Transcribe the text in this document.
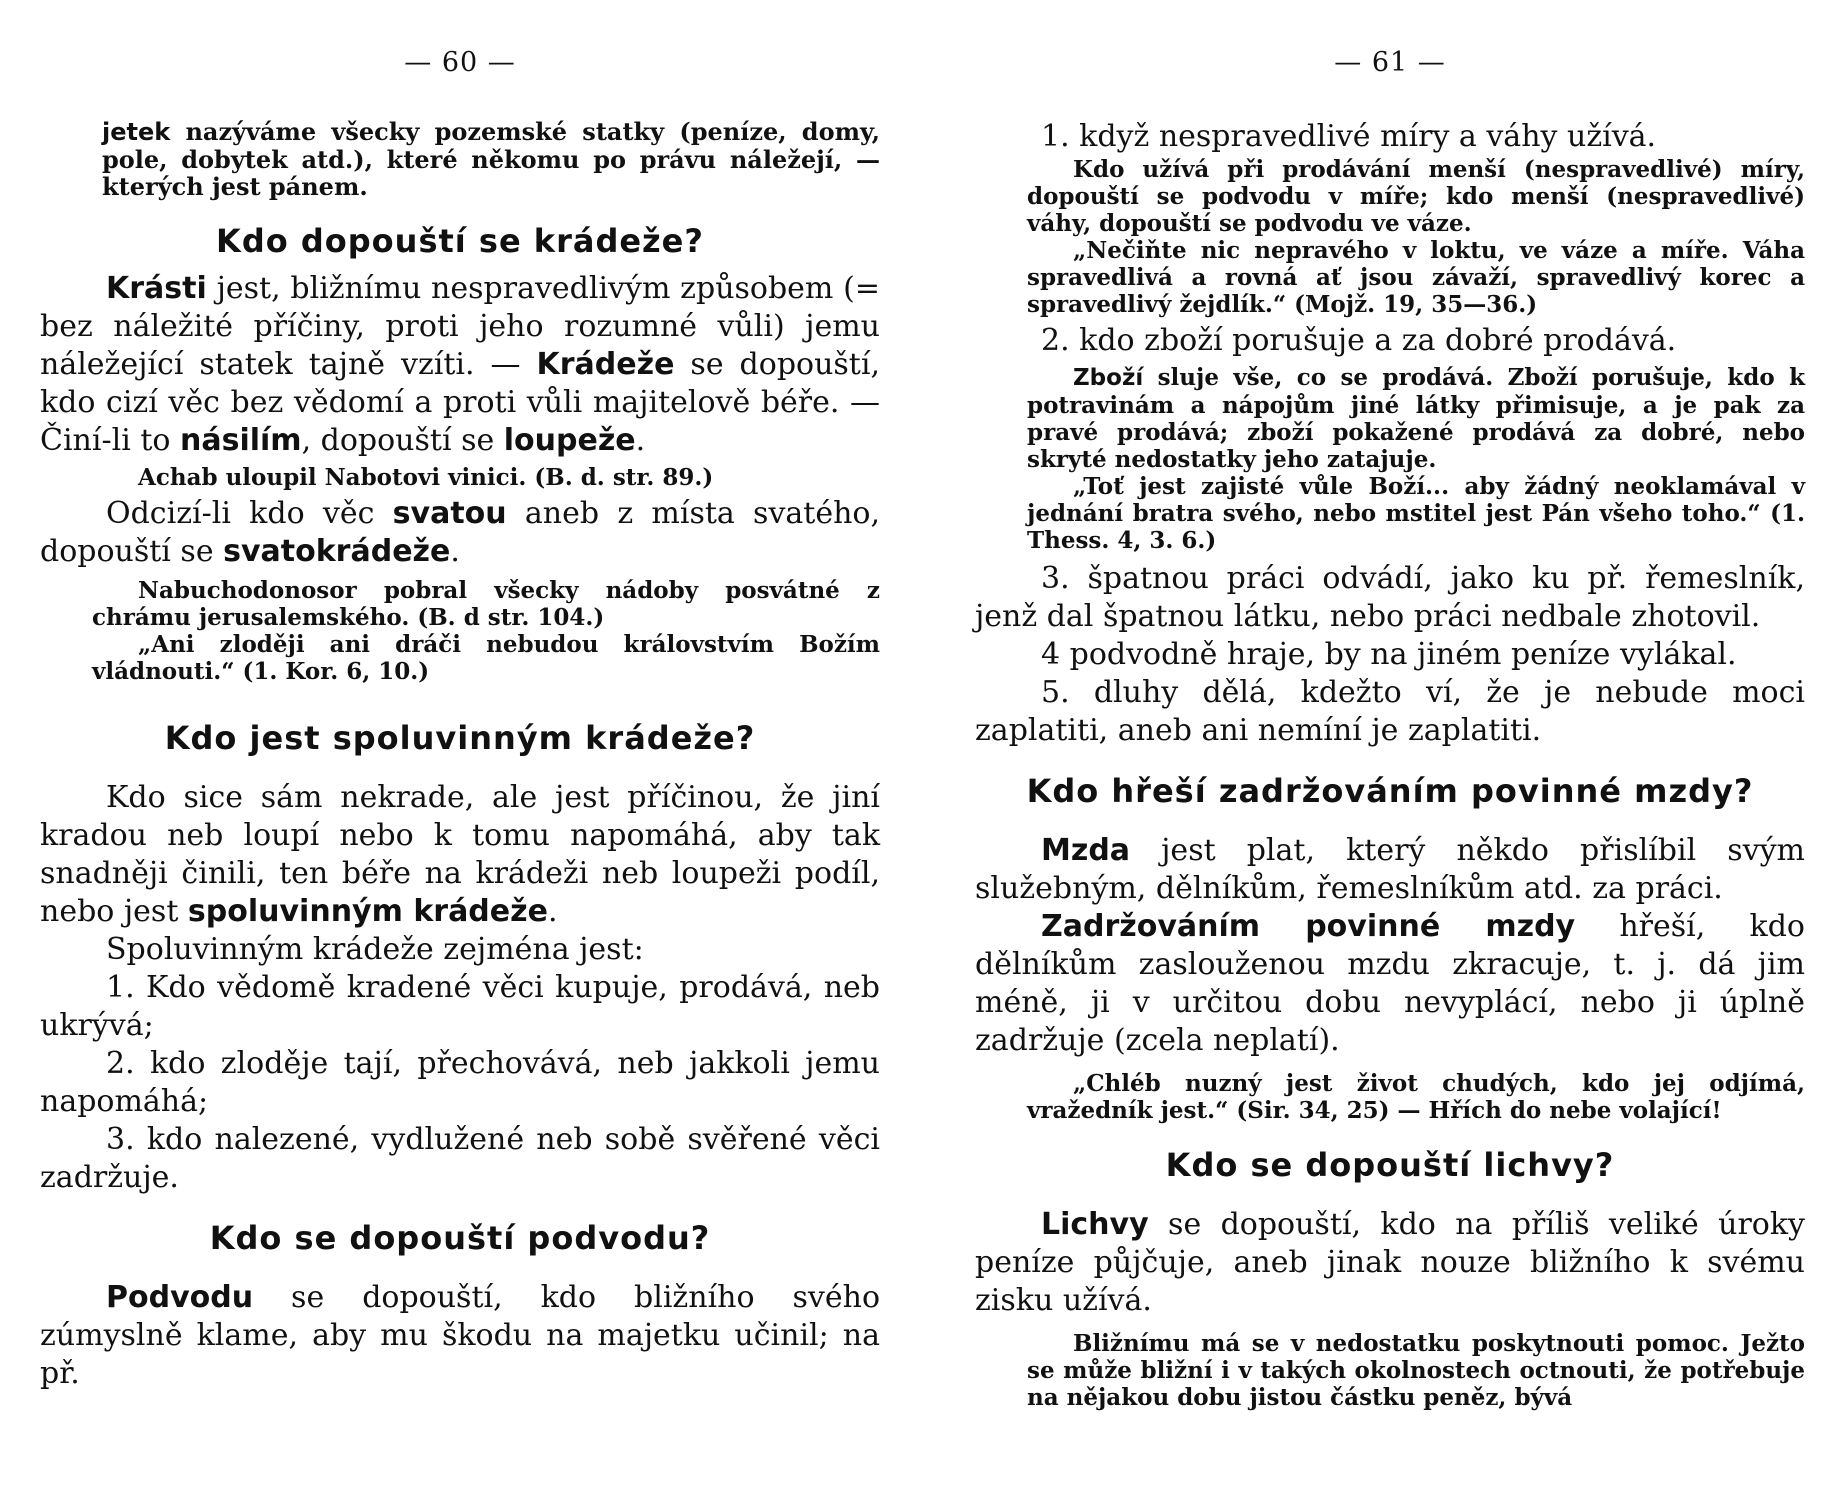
— 60 —

jetek nazýváme všecky pozemské statky (peníze, domy, pole, dobytek atd.), které někomu po právu náležejí, — kterých jest pánem.

Kdo dopouští se krádeže?

Krásti jest, bližnímu nespravedlivým způsobem (= bez náležité příčiny, proti jeho rozumné vůli) jemu náležející statek tajně vzíti. — Krádeže se dopouští, kdo cizí věc bez vědomí a proti vůli majitelově béře. — Činí-li to násilím, dopouští se loupeže.

Achab uloupil Nabotovi vinici. (B. d. str. 89.)

Odcizí-li kdo věc svatou aneb z místa svatého, dopouští se svatokrádeže.

Nabuchodonosor pobral všecky nádoby posvátné z chrámu jerusalemského. (B. d str. 104.)

„Ani zloději ani dráči nebudou královstvím Božím vládnouti.“ (1. Kor. 6, 10.)

Kdo jest spoluvinným krádeže?

Kdo sice sám nekrade, ale jest příčinou, že jiní kradou neb loupí nebo k tomu napomáhá, aby tak snadněji činili, ten béře na krádeži neb loupeži podíl, nebo jest spoluvinným krádeže.

Spoluvinným krádeže zejména jest:

1. Kdo vědomě kradené věci kupuje, prodává, neb ukrývá;

2. kdo zloděje tají, přechovává, neb jakkoli jemu napomáhá;

3. kdo nalezené, vydlužené neb sobě svěřené věci zadržuje.

Kdo se dopouští podvodu?

Podvodu se dopouští, kdo bližního svého zúmyslně klame, aby mu škodu na majetku učinil; na př.

— 61 —

1. když nespravedlivé míry a váhy užívá.

Kdo užívá při prodávání menší (nespravedlivé) míry, dopouští se podvodu v míře; kdo menší (nespravedlivé) váhy, dopouští se podvodu ve váze.

„Nečiňte nic nepravého v loktu, ve váze a míře. Váha spravedlivá a rovná ať jsou závaží, spravedlivý korec a spravedlivý žejdlík.“ (Mojž. 19, 35—36.)

2. kdo zboží porušuje a za dobré prodává.

Zboží sluje vše, co se prodává. Zboží porušuje, kdo k potravinám a nápojům jiné látky přimisuje, a je pak za pravé prodává; zboží pokažené prodává za dobré, nebo skryté nedostatky jeho zatajuje.

„Toť jest zajisté vůle Boží... aby žádný neoklamával v jednání bratra svého, nebo mstitel jest Pán všeho toho.“ (1. Thess. 4, 3. 6.)

3. špatnou práci odvádí, jako ku př. řemeslník, jenž dal špatnou látku, nebo práci nedbale zhotovil.

4 podvodně hraje, by na jiném peníze vylákal.

5. dluhy dělá, kdežto ví, že je nebude moci zaplatiti, aneb ani nemíní je zaplatiti.

Kdo hřeší zadržováním povinné mzdy?

Mzda jest plat, který někdo přislíbil svým služebným, dělníkům, řemeslníkům atd. za práci.

Zadržováním povinné mzdy hřeší, kdo dělníkům zaslouženou mzdu zkracuje, t. j. dá jim méně, ji v určitou dobu nevyplácí, nebo ji úplně zadržuje (zcela neplatí).

„Chléb nuzný jest život chudých, kdo jej odjímá, vražedník jest.“ (Sir. 34, 25) — Hřích do nebe volající!

Kdo se dopouští lichvy?

Lichvy se dopouští, kdo na příliš veliké úroky peníze půjčuje, aneb jinak nouze bližního k svému zisku užívá.

Bližnímu má se v nedostatku poskytnouti pomoc. Ježto se může bližní i v takých okolnostech octnouti, že potřebuje na nějakou dobu jistou částku peněz, bývá
